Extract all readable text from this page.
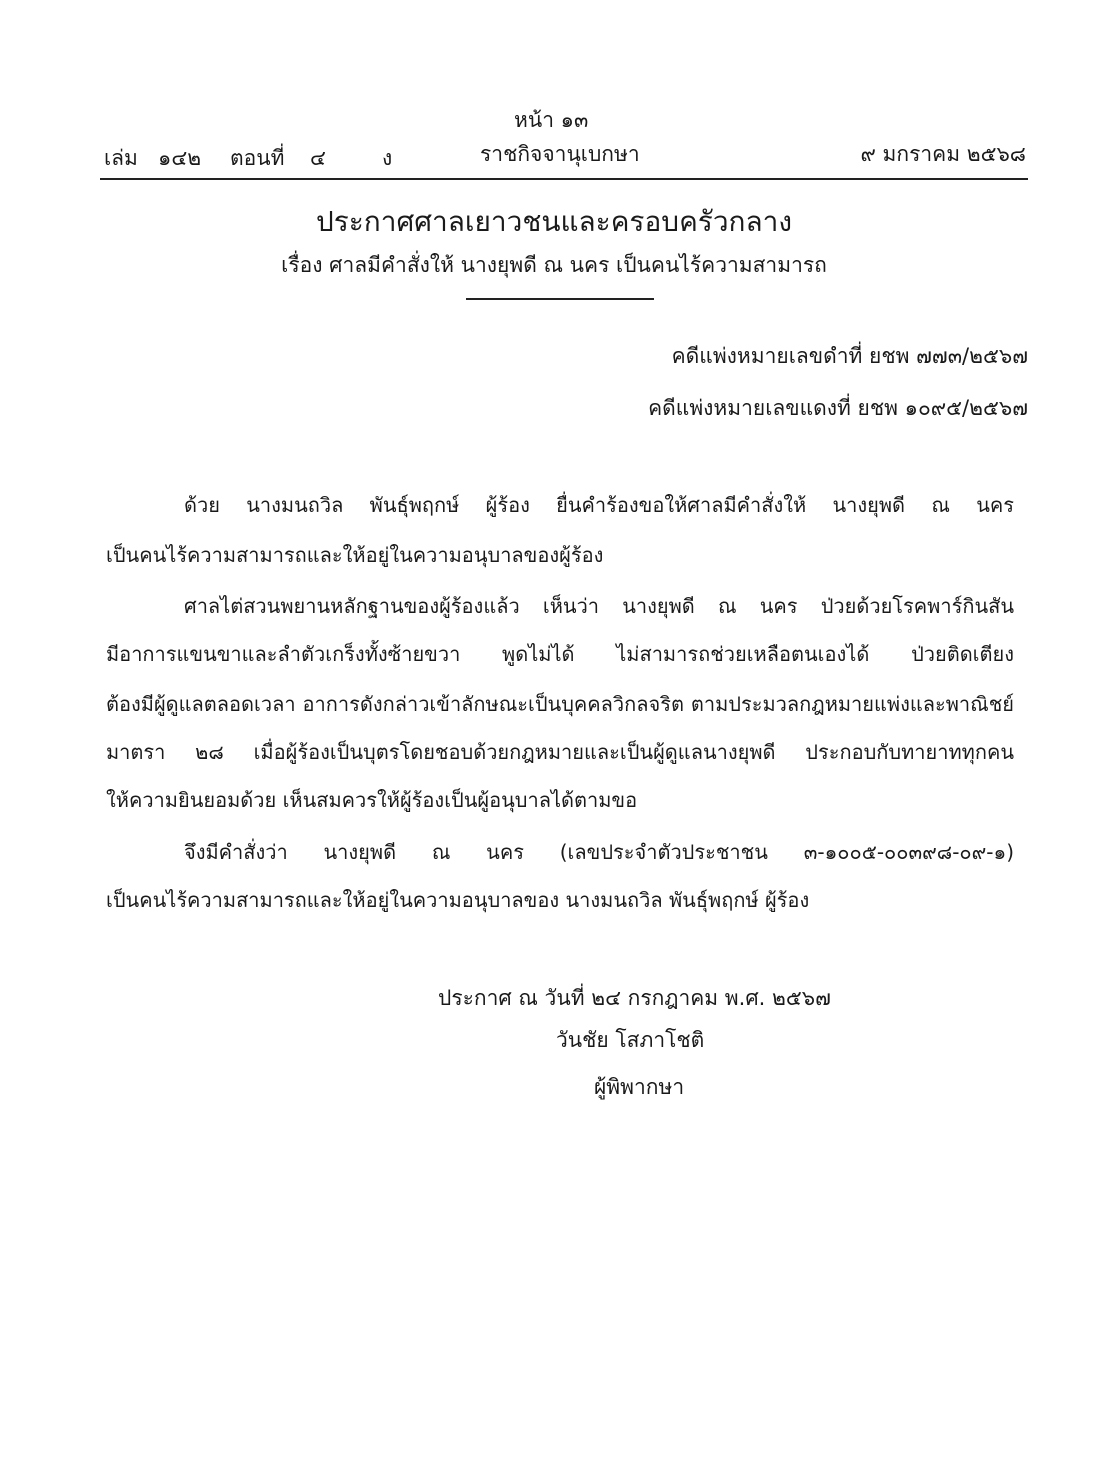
หน้า ๑๓
เล่ม ๑๔๒ ตอนที่ ๔	ง	ราชกิจจานุเบกษา	๙ มกราคม ๒๕๖๘
ประกาศศาลเยาวชนและครอบครัวกลาง
เรื่อง ศาลมีคำสั่งให้ นางยุพดี ณ นคร เป็นคนไร้ความสามารถ
คดีแพ่งหมายเลขดำที่ ยชพ ๗๗๓/๒๕๖๗
คดีแพ่งหมายเลขแดงที่ ยชพ ๑๐๙๕/๒๕๖๗
ด้วย นางมนถวิล พันธุ์พฤกษ์ ผู้ร้อง ยื่นคำร้องขอให้ศาลมีคำสั่งให้ นางยุพดี ณ นคร
เป็นคนไร้ความสามารถและให้อยู่ในความอนุบาลของผู้ร้อง
ศาลไต่สวนพยานหลักฐานของผู้ร้องแล้ว เห็นว่า นางยุพดี ณ นคร ป่วยด้วยโรคพาร์กินสัน
มีอาการแขนขาและลำตัวเกร็งทั้งซ้ายขวา พูดไม่ได้ ไม่สามารถช่วยเหลือตนเองได้ ป่วยติดเตียง
ต้องมีผู้ดูแลตลอดเวลา อาการดังกล่าวเข้าลักษณะเป็นบุคคลวิกลจริต ตามประมวลกฎหมายแพ่งและพาณิชย์
มาตรา ๒๘ เมื่อผู้ร้องเป็นบุตรโดยชอบด้วยกฎหมายและเป็นผู้ดูแลนางยุพดี ประกอบกับทายาททุกคน
ให้ความยินยอมด้วย เห็นสมควรให้ผู้ร้องเป็นผู้อนุบาลได้ตามขอ
จึงมีคำสั่งว่า นางยุพดี ณ นคร (เลขประจำตัวประชาชน ๓-๑๐๐๕-๐๐๓๙๘-๐๙-๑)
เป็นคนไร้ความสามารถและให้อยู่ในความอนุบาลของ นางมนถวิล พันธุ์พฤกษ์ ผู้ร้อง
ประกาศ ณ วันที่ ๒๔ กรกฎาคม พ.ศ. ๒๕๖๗
วันชัย โสภาโชติ
ผู้พิพากษา
